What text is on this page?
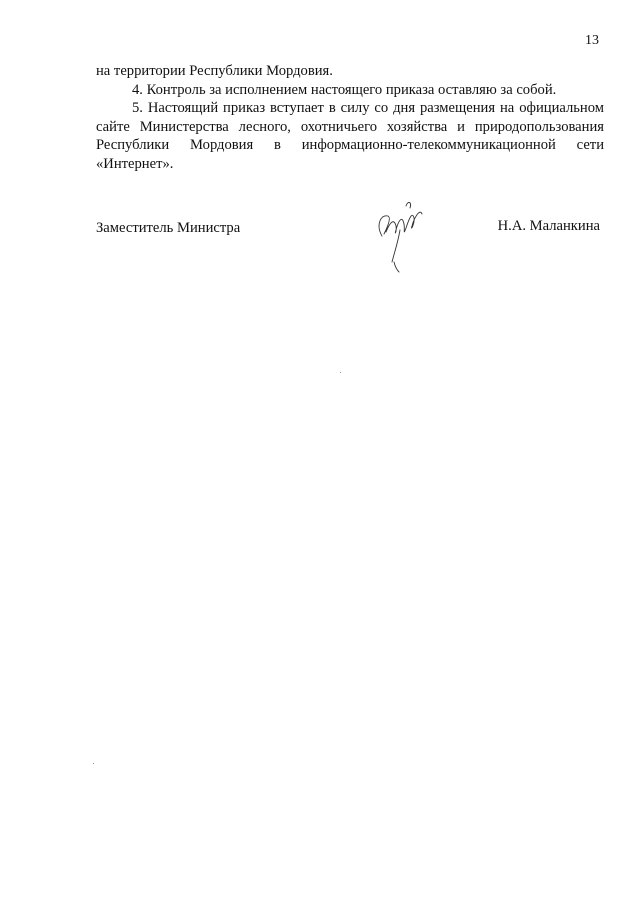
13

на территории Республики Мордовия.

4. Контроль за исполнением настоящего приказа оставляю за собой.

5. Настоящий приказ вступает в силу со дня размещения на официальном сайте Министерства лесного, охотничьего хозяйства и природопользования Республики Мордовия в информационно-телекоммуникационной сети «Интернет».

Заместитель Министра	Н.А. Маланкина
